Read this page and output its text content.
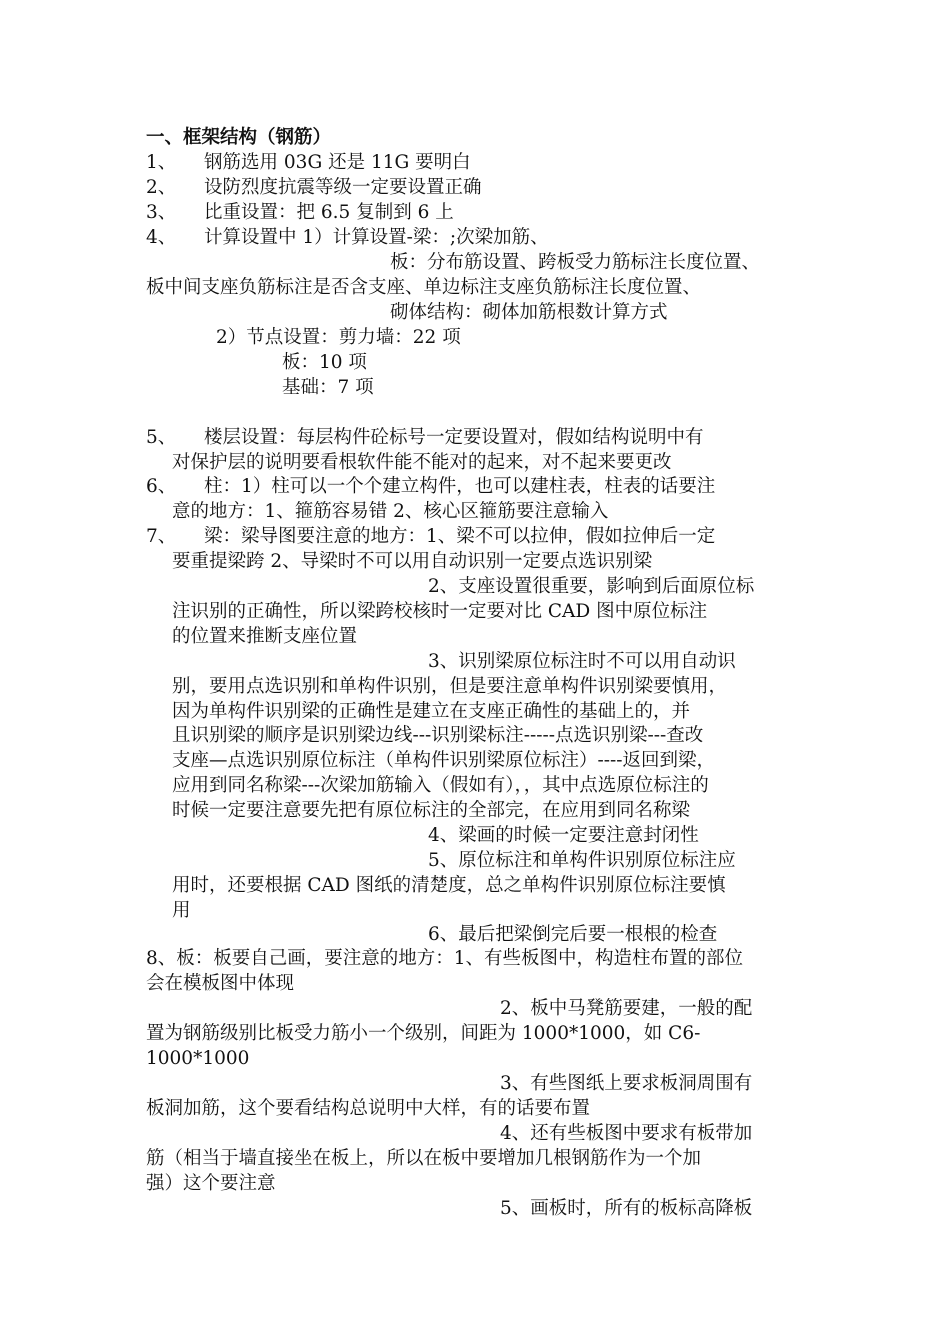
一、框架结构（钢筋）
1、　　钢筋选用 03G 还是 11G 要明白
2、　　设防烈度抗震等级一定要设置正确
3、　　比重设置：把 6.5 复制到 6 上
4、　　计算设置中 1）计算设置-梁：;次梁加筋、
板：分布筋设置、跨板受力筋标注长度位置、
板中间支座负筋标注是否含支座、单边标注支座负筋标注长度位置、
砌体结构：砌体加筋根数计算方式
2）节点设置：剪力墙：22 项
板：10 项
基础：7 项
5、　　楼层设置：每层构件砼标号一定要设置对，假如结构说明中有
对保护层的说明要看根软件能不能对的起来，对不起来要更改
6、　　柱：1）柱可以一个个建立构件，也可以建柱表，柱表的话要注
意的地方：1、箍筋容易错 2、核心区箍筋要注意输入
7、　　梁：梁导图要注意的地方：1、梁不可以拉伸，假如拉伸后一定
要重提梁跨 2、导梁时不可以用自动识别一定要点选识别梁
2、支座设置很重要，影响到后面原位标
注识别的正确性，所以梁跨校核时一定要对比 CAD 图中原位标注
的位置来推断支座位置
3、识别梁原位标注时不可以用自动识
别，要用点选识别和单构件识别，但是要注意单构件识别梁要慎用，
因为单构件识别梁的正确性是建立在支座正确性的基础上的，并
且识别梁的顺序是识别梁边线---识别梁标注-----点选识别梁---查改
支座—点选识别原位标注（单构件识别梁原位标注）----返回到梁，
应用到同名称梁---次梁加筋输入（假如有），，其中点选原位标注的
时候一定要注意要先把有原位标注的全部完，在应用到同名称梁
4、梁画的时候一定要注意封闭性
5、原位标注和单构件识别原位标注应
用时，还要根据 CAD 图纸的清楚度，总之单构件识别原位标注要慎
用
6、最后把梁倒完后要一根根的检查
8、板：板要自己画，要注意的地方：1、有些板图中，构造柱布置的部位
会在模板图中体现
2、板中马凳筋要建，一般的配
置为钢筋级别比板受力筋小一个级别，间距为 1000*1000，如 C6-
1000*1000
3、有些图纸上要求板洞周围有
板洞加筋，这个要看结构总说明中大样，有的话要布置
4、还有些板图中要求有板带加
筋（相当于墙直接坐在板上，所以在板中要增加几根钢筋作为一个加
强）这个要注意
5、画板时，所有的板标高降板
